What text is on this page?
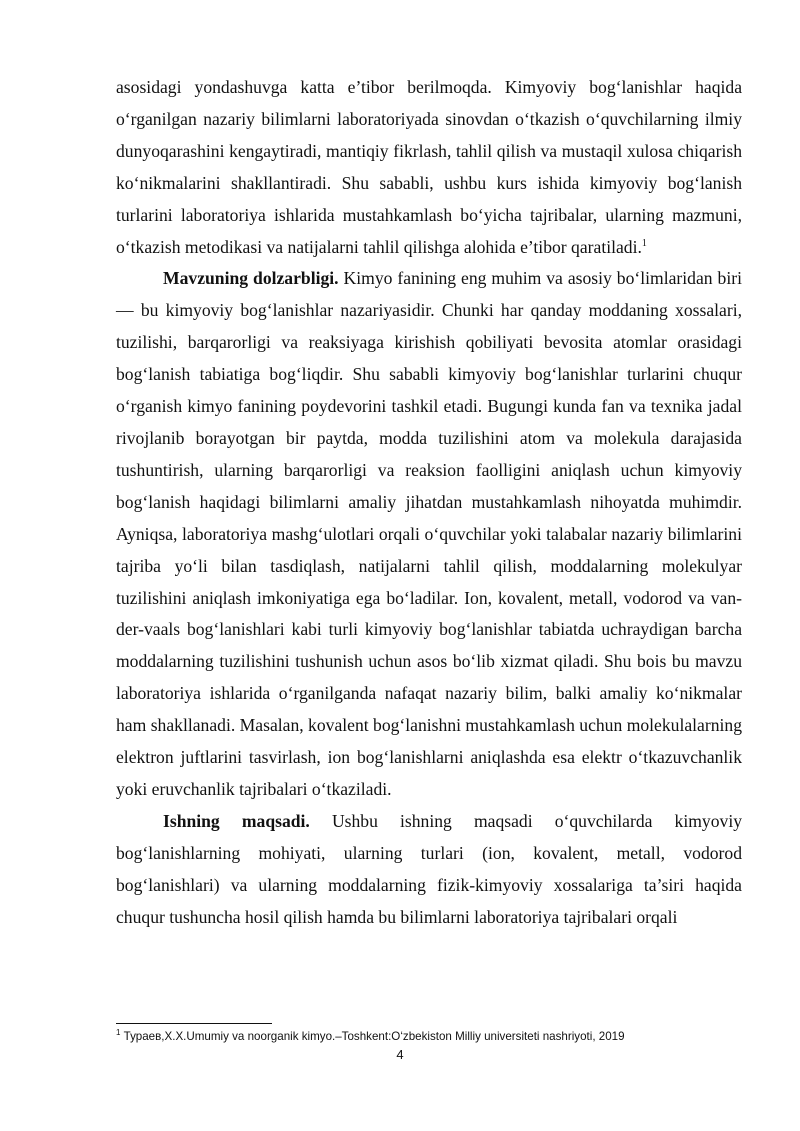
asosidagi yondashuvga katta e’tibor berilmoqda. Kimyoviy bog‘lanishlar haqida o‘rganilgan nazariy bilimlarni laboratoriyada sinovdan o‘tkazish o‘quvchilarning ilmiy dunyoqarashini kengaytiradi, mantiqiy fikrlash, tahlil qilish va mustaqil xulosa chiqarish ko‘nikmalarini shakllantiradi. Shu sababli, ushbu kurs ishida kimyoviy bog‘lanish turlarini laboratoriya ishlarida mustahkamlash bo‘yicha tajribalar, ularning mazmuni, o‘tkazish metodikasi va natijalarni tahlil qilishga alohida e’tibor qaratiladi.$^1$

Mavzuning dolzarbligi. Kimyo fanining eng muhim va asosiy bo‘limlaridan biri — bu kimyoviy bog‘lanishlar nazariyasidir. Chunki har qanday moddaning xossalari, tuzilishi, barqarorligi va reaksiyaga kirishish qobiliyati bevosita atomlar orasidagi bog‘lanish tabiatiga bog‘liqdir. Shu sababli kimyoviy bog‘lanishlar turlarini chuqur o‘rganish kimyo fanining poydevorini tashkil etadi. Bugungi kunda fan va texnika jadal rivojlanib borayotgan bir paytda, modda tuzilishini atom va molekula darajasida tushuntirish, ularning barqarorligi va reaksion faolligini aniqlash uchun kimyoviy bog‘lanish haqidagi bilimlarni amaliy jihatdan mustahkamlash nihoyatda muhimdir. Ayniqsa, laboratoriya mashg‘ulotlari orqali o‘quvchilar yoki talabalar nazariy bilimlarini tajriba yo‘li bilan tasdiqlash, natijalarni tahlil qilish, moddalarning molekulyar tuzilishini aniqlash imkoniyatiga ega bo‘ladilar. Ion, kovalent, metall, vodorod va van-der-vaals bog‘lanishlari kabi turli kimyoviy bog‘lanishlar tabiatda uchraydigan barcha moddalarning tuzilishini tushunish uchun asos bo‘lib xizmat qiladi. Shu bois bu mavzu laboratoriya ishlarida o‘rganilganda nafaqat nazariy bilim, balki amaliy ko‘nikmalar ham shakllanadi. Masalan, kovalent bog‘lanishni mustahkamlash uchun molekulalarning elektron juftlarini tasvirlash, ion bog‘lanishlarni aniqlashda esa elektr o‘tkazuvchanlik yoki eruvchanlik tajribalari o‘tkaziladi.

Ishning maqsadi. Ushbu ishning maqsadi o‘quvchilarda kimyoviy bog‘lanishlarning mohiyati, ularning turlari (ion, kovalent, metall, vodorod bog‘lanishlari) va ularning moddalarning fizik-kimyoviy xossalariga ta’siri haqida chuqur tushuncha hosil qilish hamda bu bilimlarni laboratoriya tajribalari orqali

$^1$ Тураев,Х.Х.Umumiy va noorganik kimyo.–Toshkent:O‘zbekiston Milliy universiteti nashriyoti, 2019
4
